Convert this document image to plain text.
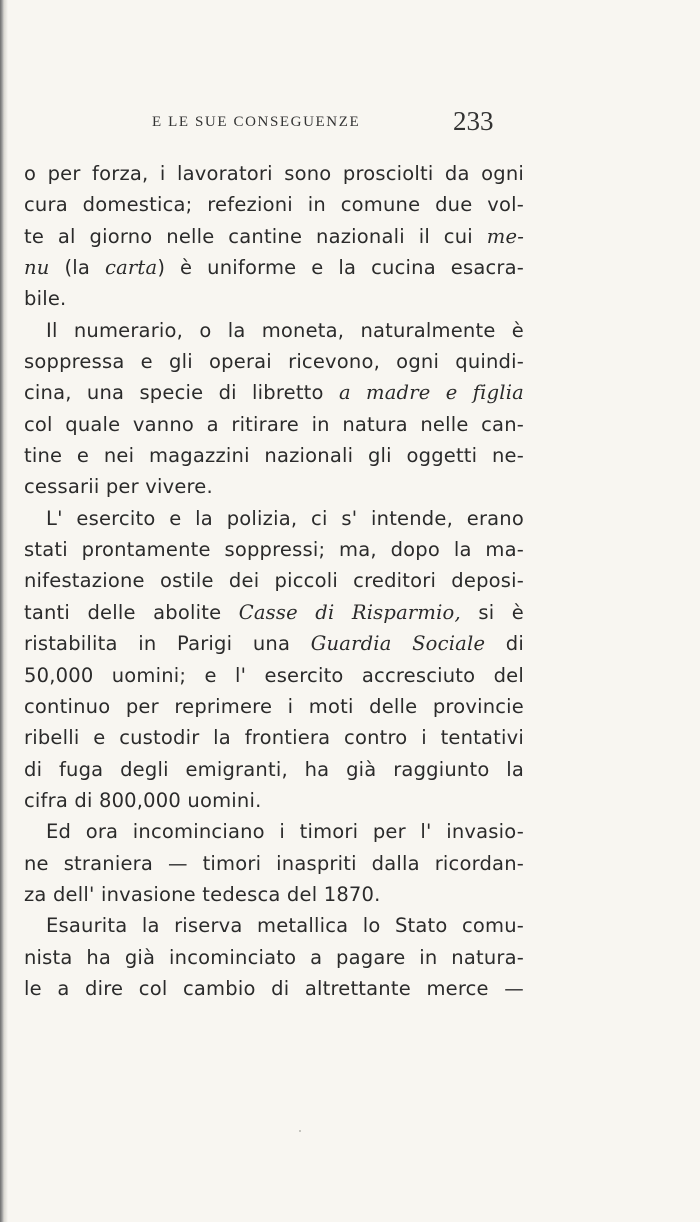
E LE SUE CONSEGUENZE	233
o per forza, i lavoratori sono prosciolti da ogni
cura domestica; refezioni in comune due vol-
te al giorno nelle cantine nazionali il cui me-
nu (la carta) è uniforme e la cucina esacra-
bile.
Il numerario, o la moneta, naturalmente è
soppressa e gli operai ricevono, ogni quindi-
cina, una specie di libretto a madre e figlia
col quale vanno a ritirare in natura nelle can-
tine e nei magazzini nazionali gli oggetti ne-
cessarii per vivere.
L' esercito e la polizia, ci s' intende, erano
stati prontamente soppressi; ma, dopo la ma-
nifestazione ostile dei piccoli creditori deposi-
tanti delle abolite Casse di Risparmio, si è
ristabilita in Parigi una Guardia Sociale di
50,000 uomini; e l' esercito accresciuto del
continuo per reprimere i moti delle provincie
ribelli e custodir la frontiera contro i tentativi
di fuga degli emigranti, ha già raggiunto la
cifra di 800,000 uomini.
Ed ora incominciano i timori per l' invasio-
ne straniera — timori inaspriti dalla ricordan-
za dell' invasione tedesca del 1870.
Esaurita la riserva metallica lo Stato comu-
nista ha già incominciato a pagare in natura-
le a dire col cambio di altrettante merce —
